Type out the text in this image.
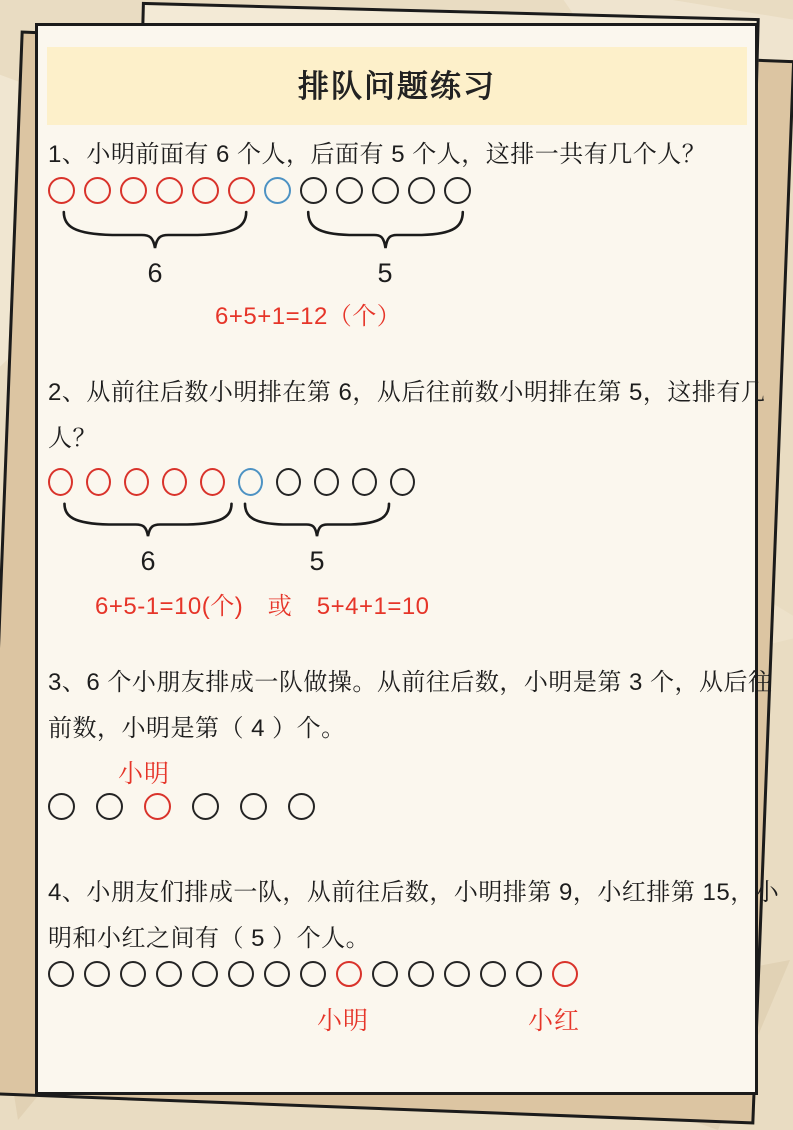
排队问题练习
1、小明前面有 6 个人，后面有 5 个人，这排一共有几个人？
6	5
6+5+1=12（个）
2、从前往后数小明排在第 6，从后往前数小明排在第 5，这排有几
人？
6	5
6+5-1=10(个)　或　5+4+1=10
3、6 个小朋友排成一队做操。从前往后数，小明是第 3 个，从后往
前数，小明是第（ 4 ）个。
小明
4、小朋友们排成一队，从前往后数，小明排第 9，小红排第 15，小
明和小红之间有（ 5 ）个人。
小明	小红
